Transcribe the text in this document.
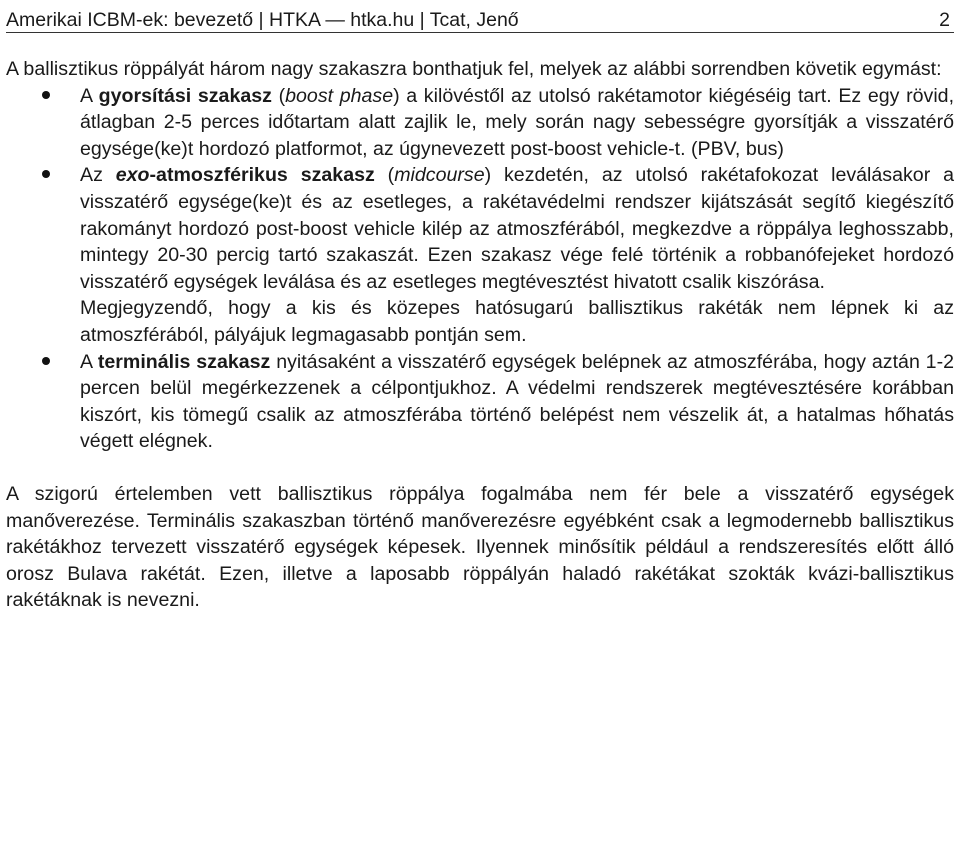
Amerikai ICBM-ek: bevezető | HTKA — htka.hu | Tcat, Jenő	2

A ballisztikus röppályát három nagy szakaszra bonthatjuk fel, melyek az alábbi sorrendben követik egymást:

A gyorsítási szakasz (boost phase) a kilövéstől az utolsó rakétamotor kiégéséig tart. Ez egy rövid, átlagban 2-5 perces időtartam alatt zajlik le, mely során nagy sebességre gyorsítják a visszatérő egysége(ke)t hordozó platformot, az úgynevezett post-boost vehicle-t. (PBV, bus)
Az exo-atmoszférikus szakasz (midcourse) kezdetén, az utolsó rakétafokozat leválásakor a visszatérő egysége(ke)t és az esetleges, a rakétavédelmi rendszer kijátszását segítő kiegészítő rakományt hordozó post-boost vehicle kilép az atmoszférából, megkezdve a röppálya leghosszabb, mintegy 20-30 percig tartó szakaszát. Ezen szakasz vége felé történik a robbanófejeket hordozó visszatérő egységek leválása és az esetleges megtévesztést hivatott csalik kiszórása.
Megjegyzendő, hogy a kis és közepes hatósugarú ballisztikus rakéták nem lépnek ki az atmoszférából, pályájuk legmagasabb pontján sem.
A terminális szakasz nyitásaként a visszatérő egységek belépnek az atmoszférába, hogy aztán 1-2 percen belül megérkezzenek a célpontjukhoz. A védelmi rendszerek megtévesztésére korábban kiszórt, kis tömegű csalik az atmoszférába történő belépést nem vészelik át, a hatalmas hőhatás végett elégnek.

A szigorú értelemben vett ballisztikus röppálya fogalmába nem fér bele a visszatérő egységek manőverezése. Terminális szakaszban történő manőverezésre egyébként csak a legmodernebb ballisztikus rakétákhoz tervezett visszatérő egységek képesek. Ilyennek minősítik például a rendszeresítés előtt álló orosz Bulava rakétát. Ezen, illetve a laposabb röppályán haladó rakétákat szokták kvázi-ballisztikus rakétáknak is nevezni.
